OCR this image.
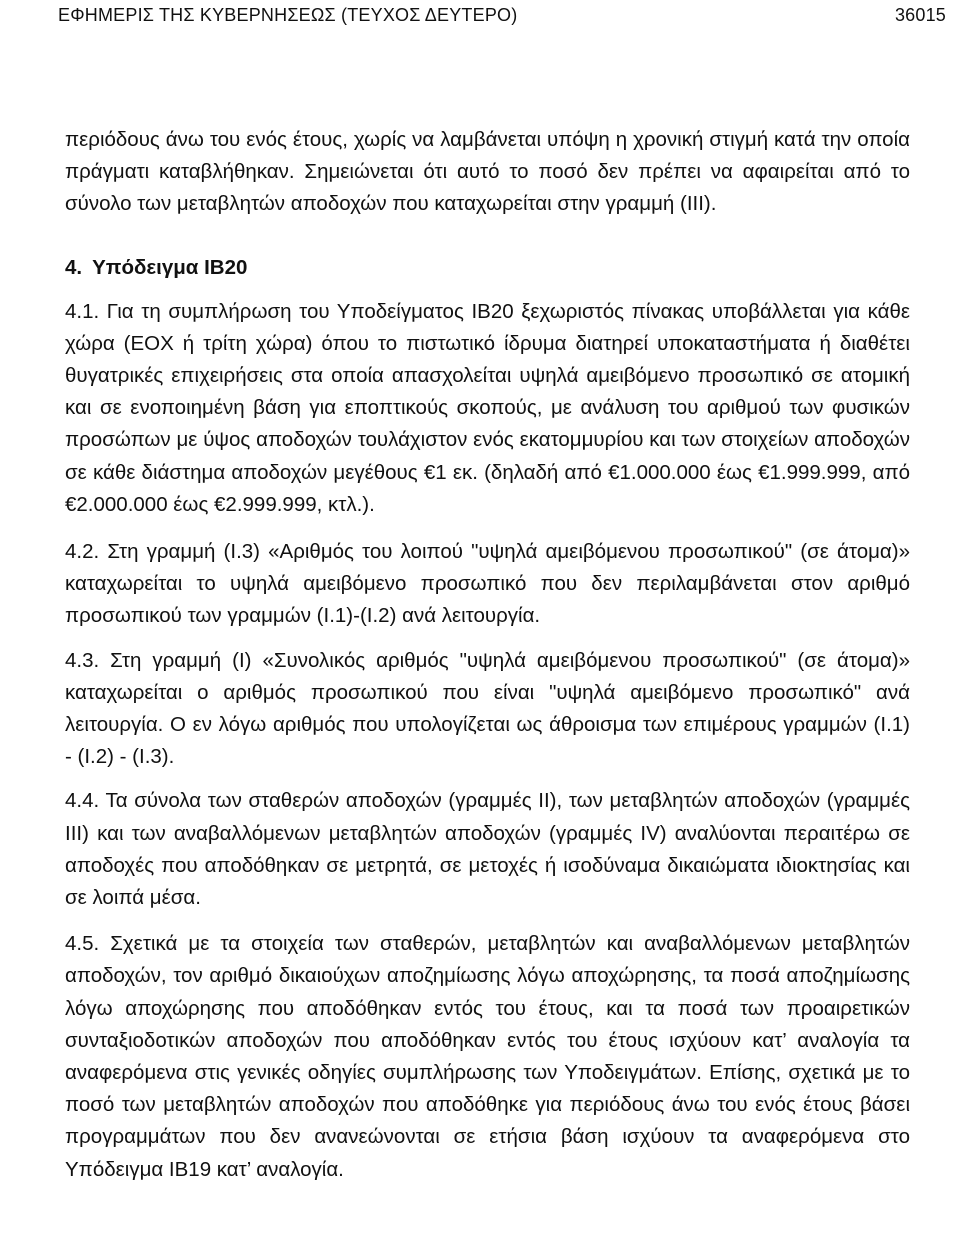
ΕΦΗΜΕΡΙΣ ΤΗΣ ΚΥΒΕΡΝΗΣΕΩΣ (ΤΕΥΧΟΣ ΔΕΥΤΕΡΟ)	36015

περιόδους άνω του ενός έτους, χωρίς να λαμβάνεται υπόψη η χρονική στιγμή κατά την οποία πράγματι καταβλήθηκαν. Σημειώνεται ότι αυτό το ποσό δεν πρέπει να αφαιρείται από το σύνολο των μεταβλητών αποδοχών που καταχωρείται στην γραμμή (ΙΙΙ).

4. Υπόδειγμα ΙΒ20

4.1. Για τη συμπλήρωση του Υποδείγματος ΙΒ20 ξεχωριστός πίνακας υποβάλλεται για κάθε χώρα (ΕΟΧ ή τρίτη χώρα) όπου το πιστωτικό ίδρυμα διατηρεί υποκαταστήματα ή διαθέτει θυγατρικές επιχειρήσεις στα οποία απασχολείται υψηλά αμειβόμενο προσωπικό σε ατομική και σε ενοποιημένη βάση για εποπτικούς σκοπούς, με ανάλυση του αριθμού των φυσικών προσώπων με ύψος αποδοχών τουλάχιστον ενός εκατομμυρίου και των στοιχείων αποδοχών σε κάθε διάστημα αποδοχών μεγέθους €1 εκ. (δηλαδή από €1.000.000 έως €1.999.999, από €2.000.000 έως €2.999.999, κτλ.).

4.2. Στη γραμμή (Ι.3) «Αριθμός του λοιπού "υψηλά αμειβόμενου προσωπικού" (σε άτομα)» καταχωρείται το υψηλά αμειβόμενο προσωπικό που δεν περιλαμβάνεται στον αριθμό προσωπικού των γραμμών (Ι.1)-(Ι.2) ανά λειτουργία.

4.3. Στη γραμμή (Ι) «Συνολικός αριθμός "υψηλά αμειβόμενου προσωπικού" (σε άτομα)» καταχωρείται ο αριθμός προσωπικού που είναι "υψηλά αμειβόμενο προσωπικό" ανά λειτουργία. Ο εν λόγω αριθμός που υπολογίζεται ως άθροισμα των επιμέρους γραμμών (Ι.1) - (Ι.2) - (Ι.3).

4.4. Τα σύνολα των σταθερών αποδοχών (γραμμές ΙΙ), των μεταβλητών αποδοχών (γραμμές ΙΙΙ) και των αναβαλλόμενων μεταβλητών αποδοχών (γραμμές ΙV) αναλύονται περαιτέρω σε αποδοχές που αποδόθηκαν σε μετρητά, σε μετοχές ή ισοδύναμα δικαιώματα ιδιοκτησίας και σε λοιπά μέσα.

4.5. Σχετικά με τα στοιχεία των σταθερών, μεταβλητών και αναβαλλόμενων μεταβλητών αποδοχών, τον αριθμό δικαιούχων αποζημίωσης λόγω αποχώρησης, τα ποσά αποζημίωσης λόγω αποχώρησης που αποδόθηκαν εντός του έτους, και τα ποσά των προαιρετικών συνταξιοδοτικών αποδοχών που αποδόθηκαν εντός του έτους ισχύουν κατ’ αναλογία τα αναφερόμενα στις γενικές οδηγίες συμπλήρωσης των Υποδειγμάτων. Επίσης, σχετικά με το ποσό των μεταβλητών αποδοχών που αποδόθηκε για περιόδους άνω του ενός έτους βάσει προγραμμάτων που δεν ανανεώνονται σε ετήσια βάση ισχύουν τα αναφερόμενα στο Υπόδειγμα ΙΒ19 κατ’ αναλογία.
